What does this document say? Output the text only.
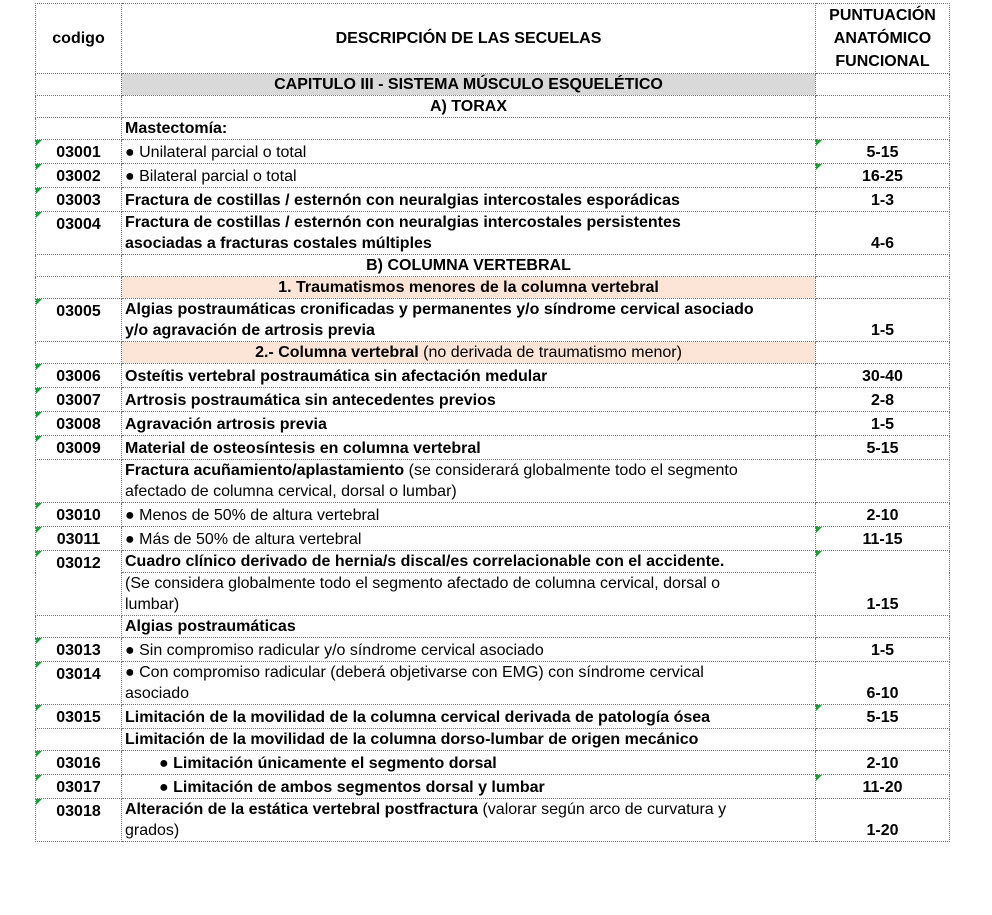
codigo	DESCRIPCIÓN DE LAS SECUELAS	PUNTUACIÓN
ANATÓMICO
FUNCIONAL
	CAPITULO III - SISTEMA MÚSCULO ESQUELÉTICO	
	A) TORAX	
	Mastectomía:	

03001	● Unilateral parcial o total	5-15

03002	● Bilateral parcial o total	16-25

03003	Fractura de costillas / esternón con neuralgias intercostales esporádicas	1-3

03004	Fractura de costillas / esternón con neuralgias intercostales persistentes
asociadas a fracturas costales múltiples	4-6
	B) COLUMNA VERTEBRAL	
	1. Traumatismos menores de la columna vertebral	

03005	Algias postraumáticas cronificadas y permanentes y/o síndrome cervical asociado
y/o agravación de artrosis previa	1-5
	2.- Columna vertebral (no derivada de traumatismo menor)	

03006	Osteítis vertebral postraumática sin afectación medular	30-40

03007	Artrosis postraumática sin antecedentes previos	2-8

03008	Agravación artrosis previa	1-5

03009	Material de osteosíntesis en columna vertebral	5-15
	Fractura acuñamiento/aplastamiento (se considerará globalmente todo el segmento
afectado de columna cervical, dorsal o lumbar)	

03010	● Menos de 50% de altura vertebral	2-10

03011	● Más de 50% de altura vertebral	11-15

03012	Cuadro clínico derivado de hernia/s discal/es correlacionable con el accidente.	1-15
	(Se considera globalmente todo el segmento afectado de columna cervical, dorsal o
lumbar)	
	Algias postraumáticas	

03013	● Sin compromiso radicular y/o síndrome cervical asociado	1-5

03014	● Con compromiso radicular (deberá objetivarse con EMG) con síndrome cervical
asociado	6-10

03015	Limitación de la movilidad de la columna cervical derivada de patología ósea	5-15
	Limitación de la movilidad de la columna dorso-lumbar de origen mecánico	

03016	● Limitación únicamente el segmento dorsal	2-10

03017	● Limitación de ambos segmentos dorsal y lumbar	11-20

03018	Alteración de la estática vertebral postfractura (valorar según arco de curvatura y
grados)	1-20
